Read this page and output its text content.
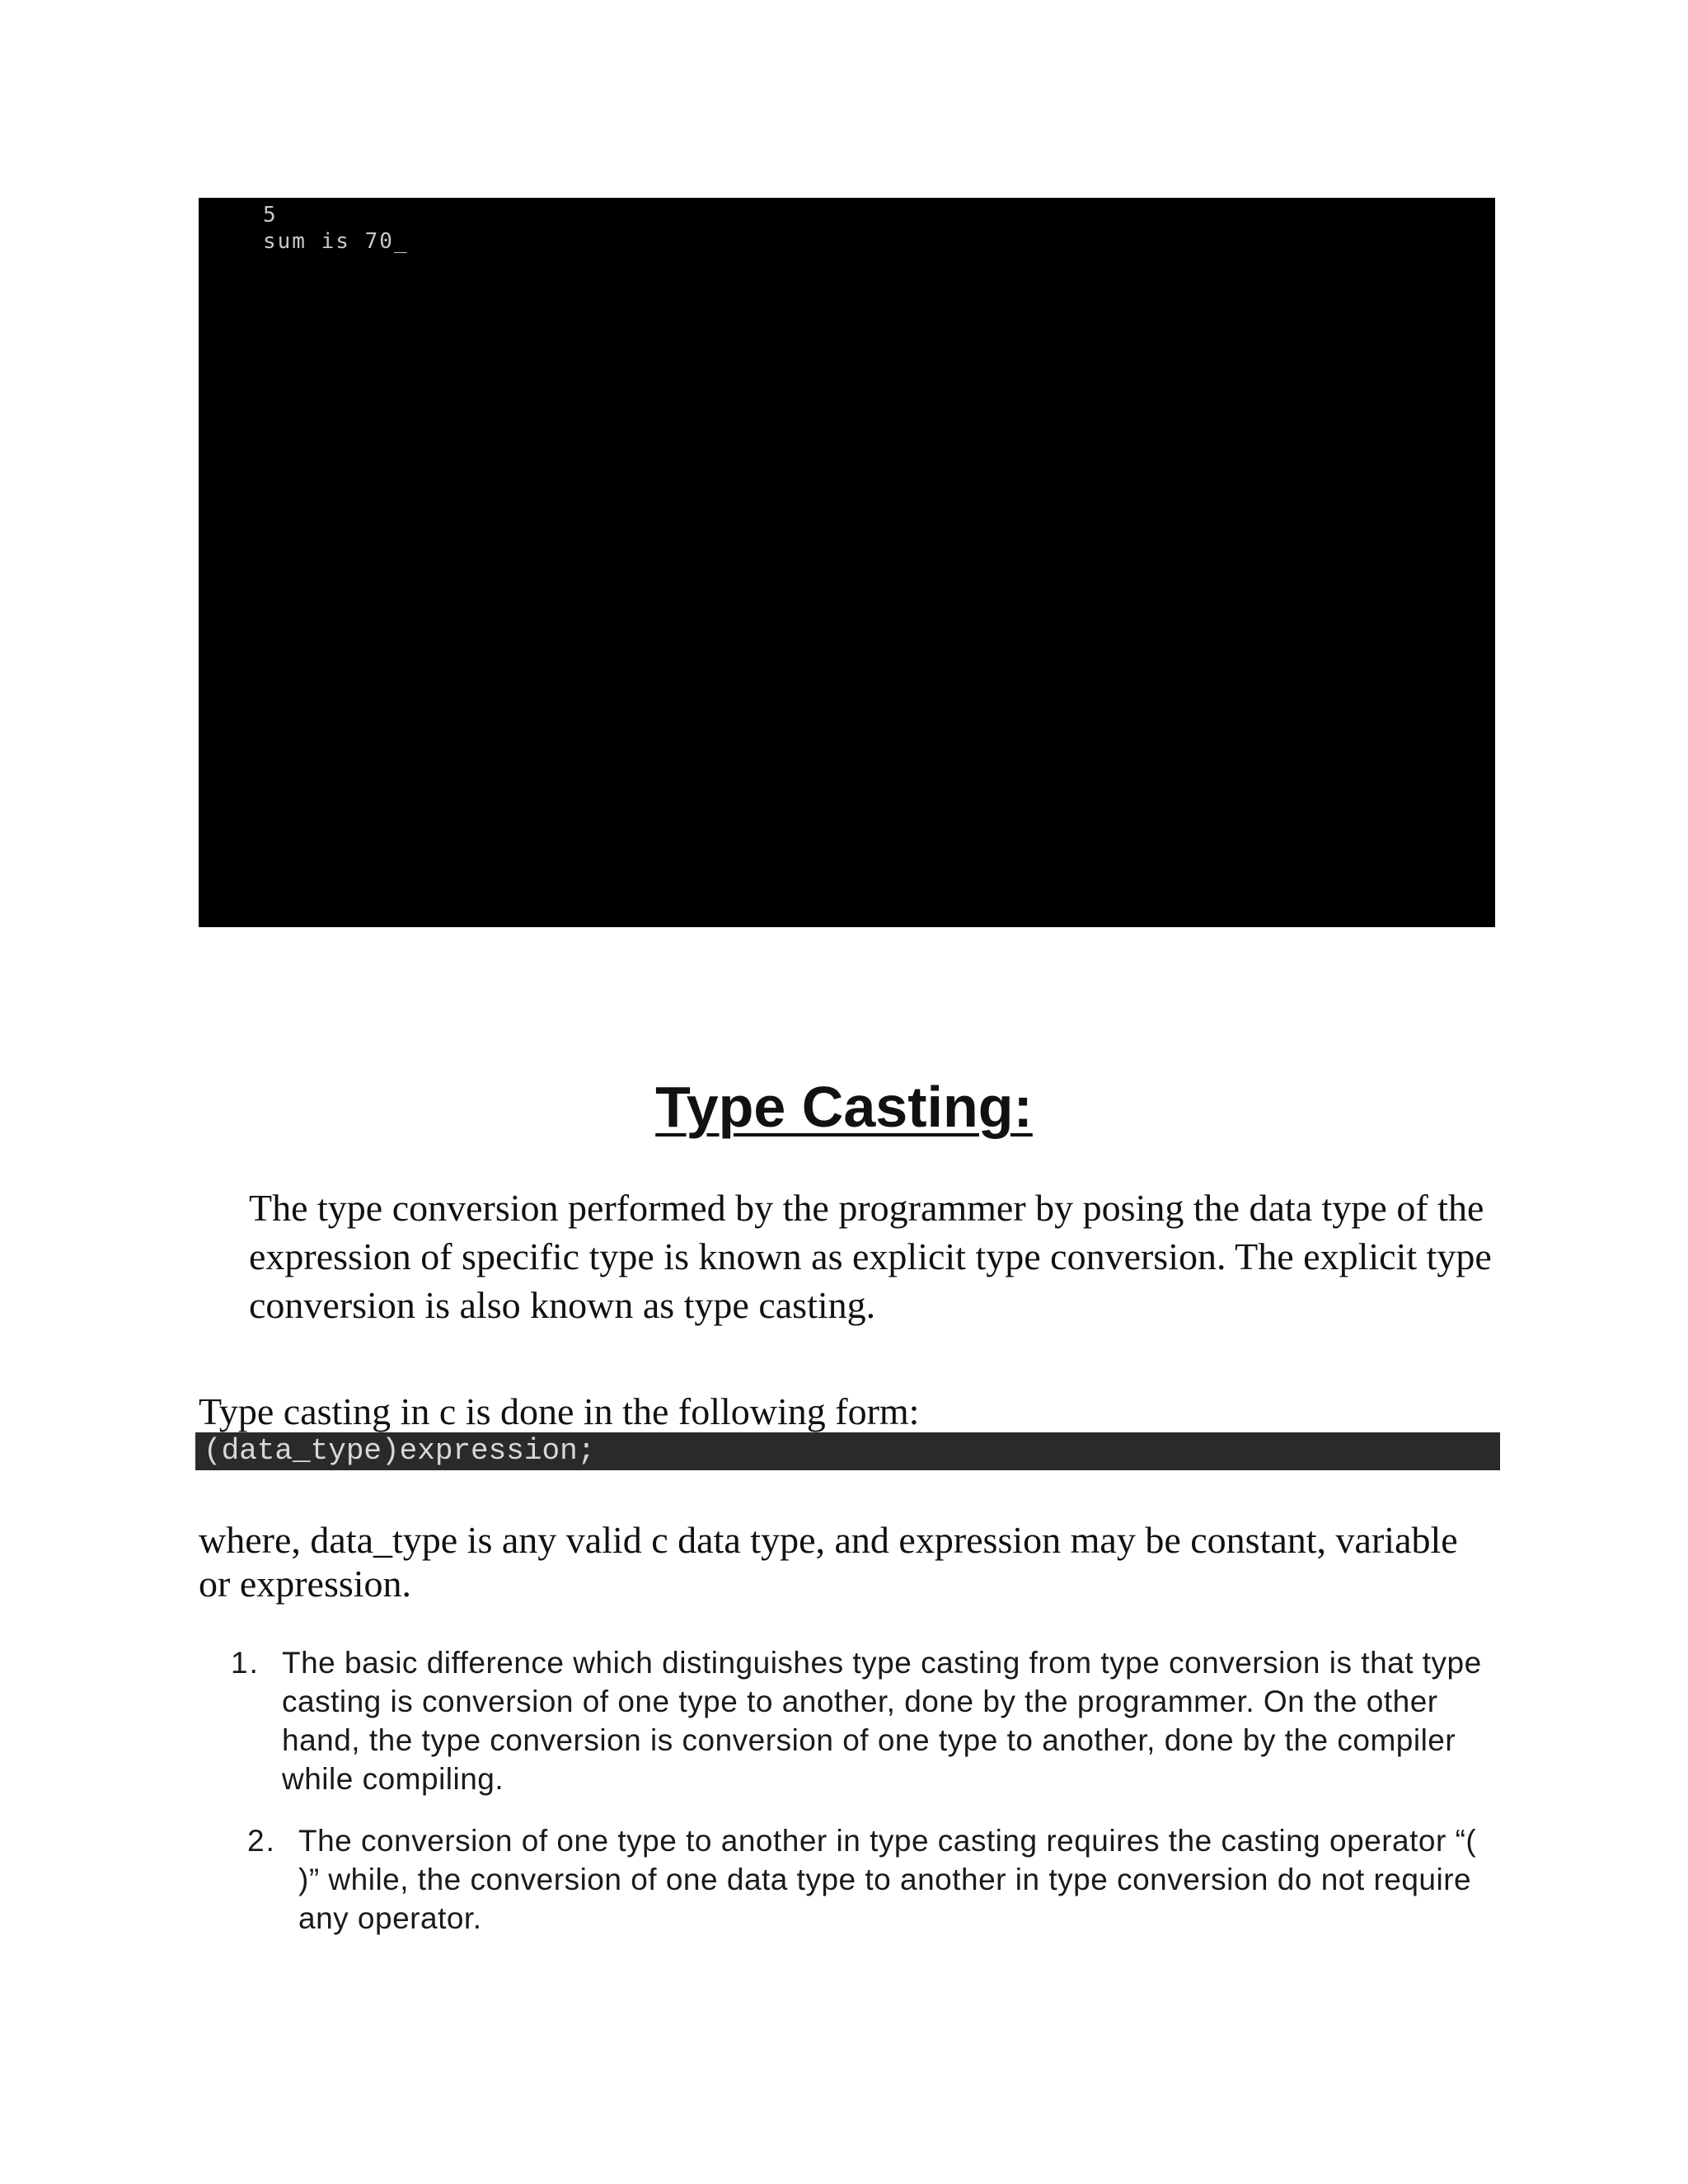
5
sum is 70_
Type Casting:

The type conversion performed by the programmer by posing the data type of the expression of specific type is known as explicit type conversion. The explicit type conversion is also known as type casting.

Type casting in c is done in the following form:

(data_type)expression;

where, data_type is any valid c data type, and expression may be constant, variable or expression.

1. The basic difference which distinguishes type casting from type conversion is that type casting is conversion of one type to another, done by the programmer. On the other hand, the type conversion is conversion of one type to another, done by the compiler while compiling.
2. The conversion of one type to another in type casting requires the casting operator “( )” while, the conversion of one data type to another in type conversion do not require any operator.
